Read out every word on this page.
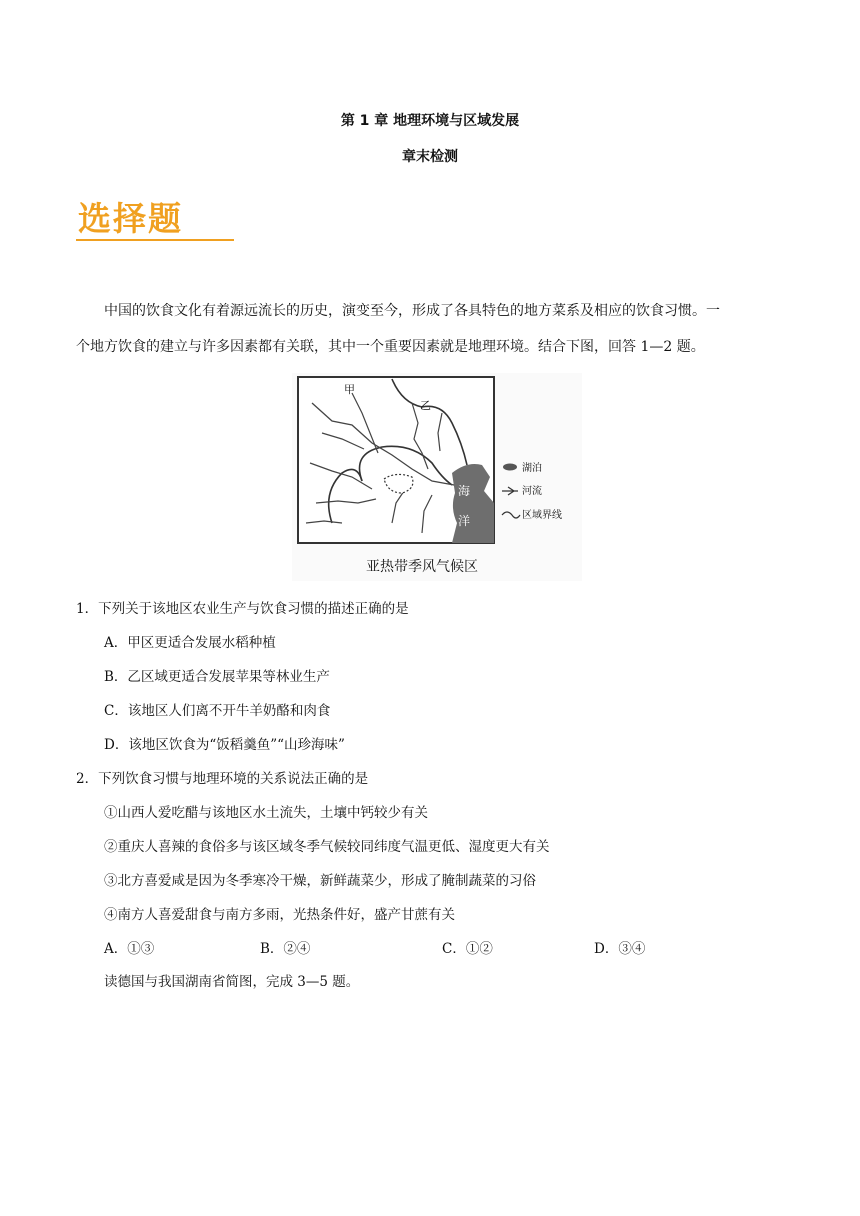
第 1 章 地理环境与区域发展
章末检测
选择题
中国的饮食文化有着源远流长的历史，演变至今，形成了各具特色的地方菜系及相应的饮食习惯。一
个地方饮食的建立与许多因素都有关联，其中一个重要因素就是地理环境。结合下图，回答 1—2 题。
甲
乙
海
洋
湖泊
河流
区域界线
亚热带季风气候区
1．下列关于该地区农业生产与饮食习惯的描述正确的是
A．甲区更适合发展水稻种植
B．乙区域更适合发展苹果等林业生产
C．该地区人们离不开牛羊奶酪和肉食
D．该地区饮食为“饭稻羹鱼”“山珍海味”
2．下列饮食习惯与地理环境的关系说法正确的是
①山西人爱吃醋与该地区水土流失，土壤中钙较少有关
②重庆人喜辣的食俗多与该区域冬季气候较同纬度气温更低、湿度更大有关
③北方喜爱咸是因为冬季寒冷干燥，新鲜蔬菜少，形成了腌制蔬菜的习俗
④南方人喜爱甜食与南方多雨，光热条件好，盛产甘蔗有关
A．①③	B．②④	C．①②	D．③④
读德国与我国湖南省简图，完成 3—5 题。
